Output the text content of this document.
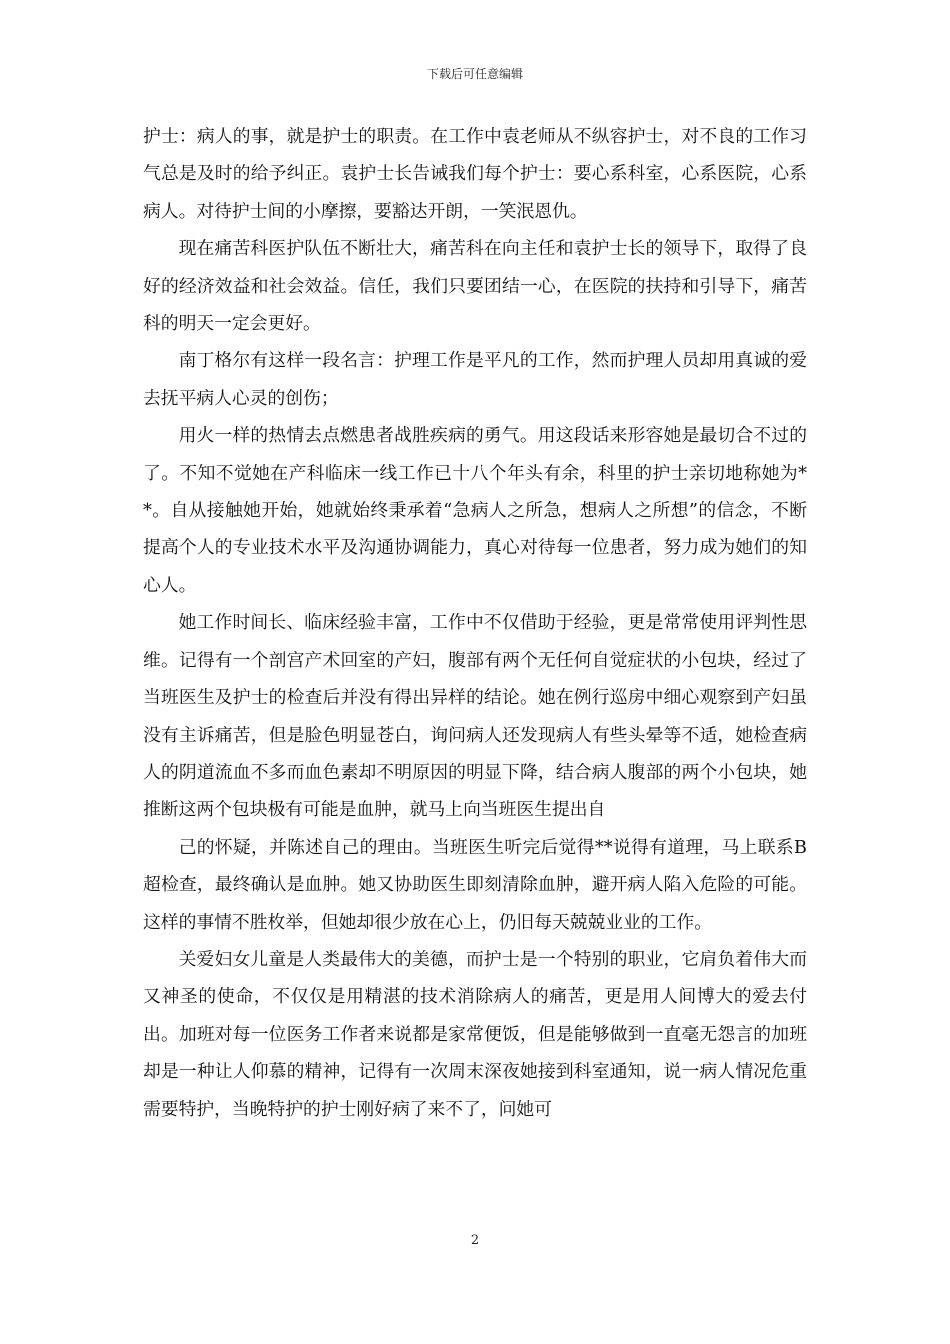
下载后可任意编辑

护士：病人的事，就是护士的职责。在工作中袁老师从不纵容护士，对不良的工作习气总是及时的给予纠正。袁护士长告诫我们每个护士：要心系科室，心系医院，心系病人。对待护士间的小摩擦，要豁达开朗，一笑泯恩仇。

现在痛苦科医护队伍不断壮大，痛苦科在向主任和袁护士长的领导下，取得了良好的经济效益和社会效益。信任，我们只要团结一心，在医院的扶持和引导下，痛苦科的明天一定会更好。

南丁格尔有这样一段名言：护理工作是平凡的工作，然而护理人员却用真诚的爱去抚平病人心灵的创伤；

用火一样的热情去点燃患者战胜疾病的勇气。用这段话来形容她是最切合不过的了。不知不觉她在产科临床一线工作已十八个年头有余，科里的护士亲切地称她为**。自从接触她开始，她就始终秉承着“急病人之所急，想病人之所想”的信念，不断提高个人的专业技术水平及沟通协调能力，真心对待每一位患者，努力成为她们的知心人。

她工作时间长、临床经验丰富，工作中不仅借助于经验，更是常常使用评判性思维。记得有一个剖宫产术回室的产妇，腹部有两个无任何自觉症状的小包块，经过了当班医生及护士的检查后并没有得出异样的结论。她在例行巡房中细心观察到产妇虽没有主诉痛苦，但是脸色明显苍白，询问病人还发现病人有些头晕等不适，她检查病人的阴道流血不多而血色素却不明原因的明显下降，结合病人腹部的两个小包块，她推断这两个包块极有可能是血肿，就马上向当班医生提出自

己的怀疑，并陈述自己的理由。当班医生听完后觉得**说得有道理，马上联系B超检查，最终确认是血肿。她又协助医生即刻清除血肿，避开病人陷入危险的可能。这样的事情不胜枚举，但她却很少放在心上，仍旧每天兢兢业业的工作。

关爱妇女儿童是人类最伟大的美德，而护士是一个特别的职业，它肩负着伟大而又神圣的使命，不仅仅是用精湛的技术消除病人的痛苦，更是用人间博大的爱去付出。加班对每一位医务工作者来说都是家常便饭，但是能够做到一直毫无怨言的加班却是一种让人仰慕的精神，记得有一次周末深夜她接到科室通知，说一病人情况危重需要特护，当晚特护的护士刚好病了来不了，问她可

2
